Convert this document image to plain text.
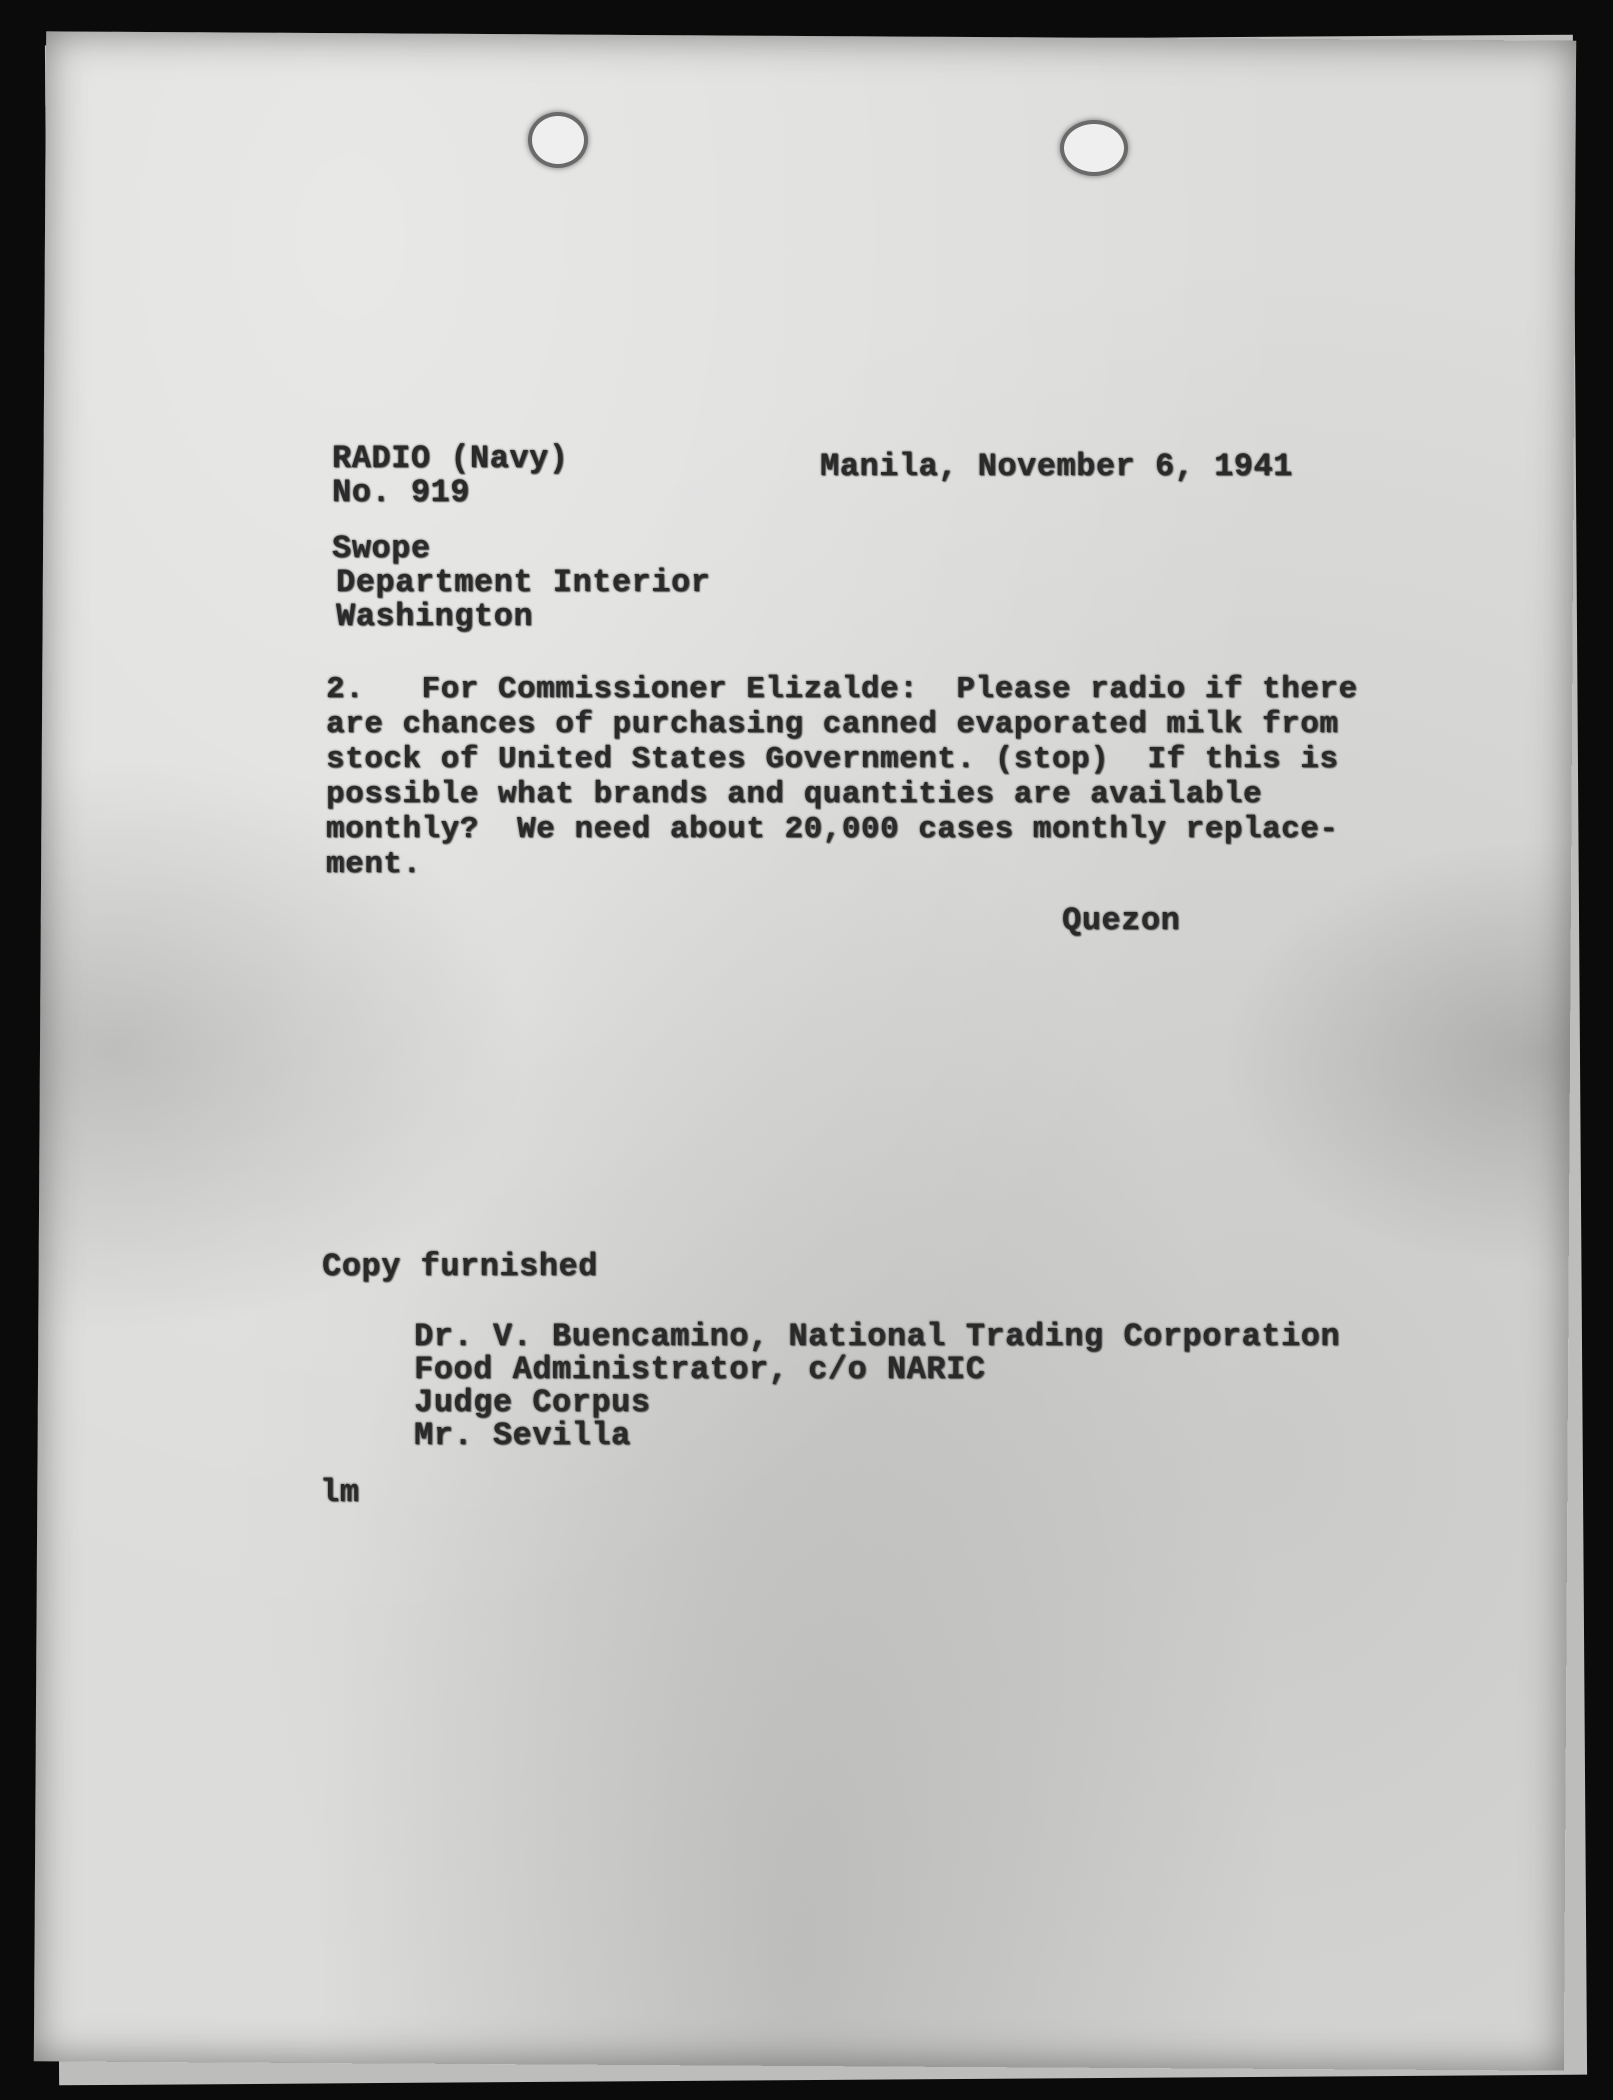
RADIO (Navy)
No. 919
Manila, November 6, 1941
Swope
Department Interior
Washington
2.   For Commissioner Elizalde:  Please radio if there
are chances of purchasing canned evaporated milk from
stock of United States Government. (stop)  If this is
possible what brands and quantities are available
monthly?  We need about 20,000 cases monthly replace-
ment.
Quezon
Copy furnished
Dr. V. Buencamino, National Trading Corporation
Food Administrator, c/o NARIC
Judge Corpus
Mr. Sevilla
lm
